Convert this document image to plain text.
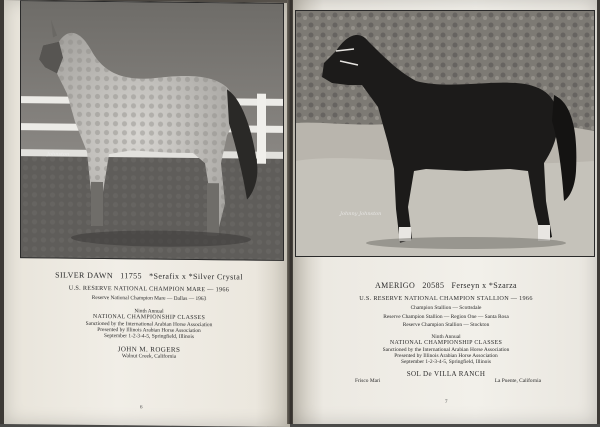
Johnston
SILVER DAWN 11755 *Serafix x *Silver Crystal
U.S. RESERVE NATIONAL CHAMPION MARE — 1966
Reserve National Champion Mare — Dallas — 1963
Ninth Annual
NATIONAL CHAMPIONSHIP CLASSES
Sanctioned by the International Arabian Horse Association
Presented by Illinois Arabian Horse Association
September 1-2-3-4-5, Springfield, Illinois
JOHN M. ROGERS
Walnut Creek, California
6
Johnny Johnston
AMERIGO 20585 Ferseyn x *Szarza
U.S. RESERVE NATIONAL CHAMPION STALLION — 1966
Champion Stallion — Scottsdale
Reserve Champion Stallion — Region One — Santa Rosa
Reserve Champion Stallion — Stockton
Ninth Annual
NATIONAL CHAMPIONSHIP CLASSES
Sanctioned by the International Arabian Horse Association
Presented by Illinois Arabian Horse Association
September 1-2-3-4-5, Springfield, Illinois
SOL De VILLA RANCH
Frisco Mari	La Puente, California
7
